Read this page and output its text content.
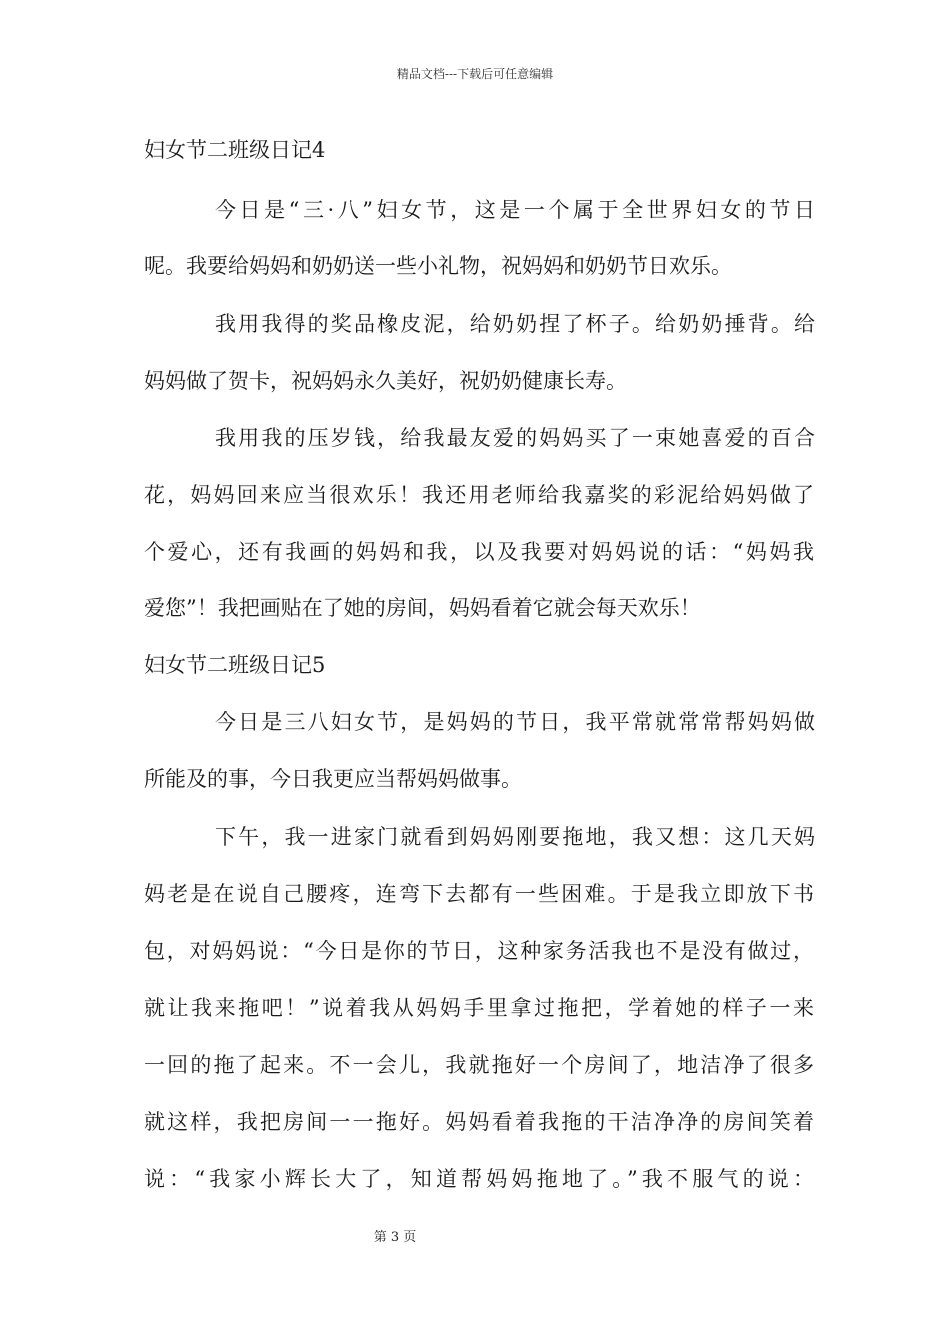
精品文档---下载后可任意编辑
妇女节二班级日记4
今日是“三·八”妇女节，这是一个属于全世界妇女的节日
呢。我要给妈妈和奶奶送一些小礼物，祝妈妈和奶奶节日欢乐。
我用我得的奖品橡皮泥，给奶奶捏了杯子。给奶奶捶背。给
妈妈做了贺卡，祝妈妈永久美好，祝奶奶健康长寿。
我用我的压岁钱，给我最友爱的妈妈买了一束她喜爱的百合
花，妈妈回来应当很欢乐！我还用老师给我嘉奖的彩泥给妈妈做了
个爱心，还有我画的妈妈和我，以及我要对妈妈说的话：“妈妈我
爱您”！我把画贴在了她的房间，妈妈看着它就会每天欢乐！
妇女节二班级日记5
今日是三八妇女节，是妈妈的节日，我平常就常常帮妈妈做
所能及的事，今日我更应当帮妈妈做事。
下午，我一进家门就看到妈妈刚要拖地，我又想：这几天妈
妈老是在说自己腰疼，连弯下去都有一些困难。于是我立即放下书
包，对妈妈说：“今日是你的节日，这种家务活我也不是没有做过，
就让我来拖吧！”说着我从妈妈手里拿过拖把，学着她的样子一来
一回的拖了起来。不一会儿，我就拖好一个房间了，地洁净了很多
就这样，我把房间一一拖好。妈妈看着我拖的干洁净净的房间笑着
说：“我家小辉长大了，知道帮妈妈拖地了。”我不服气的说：
第 3 页
